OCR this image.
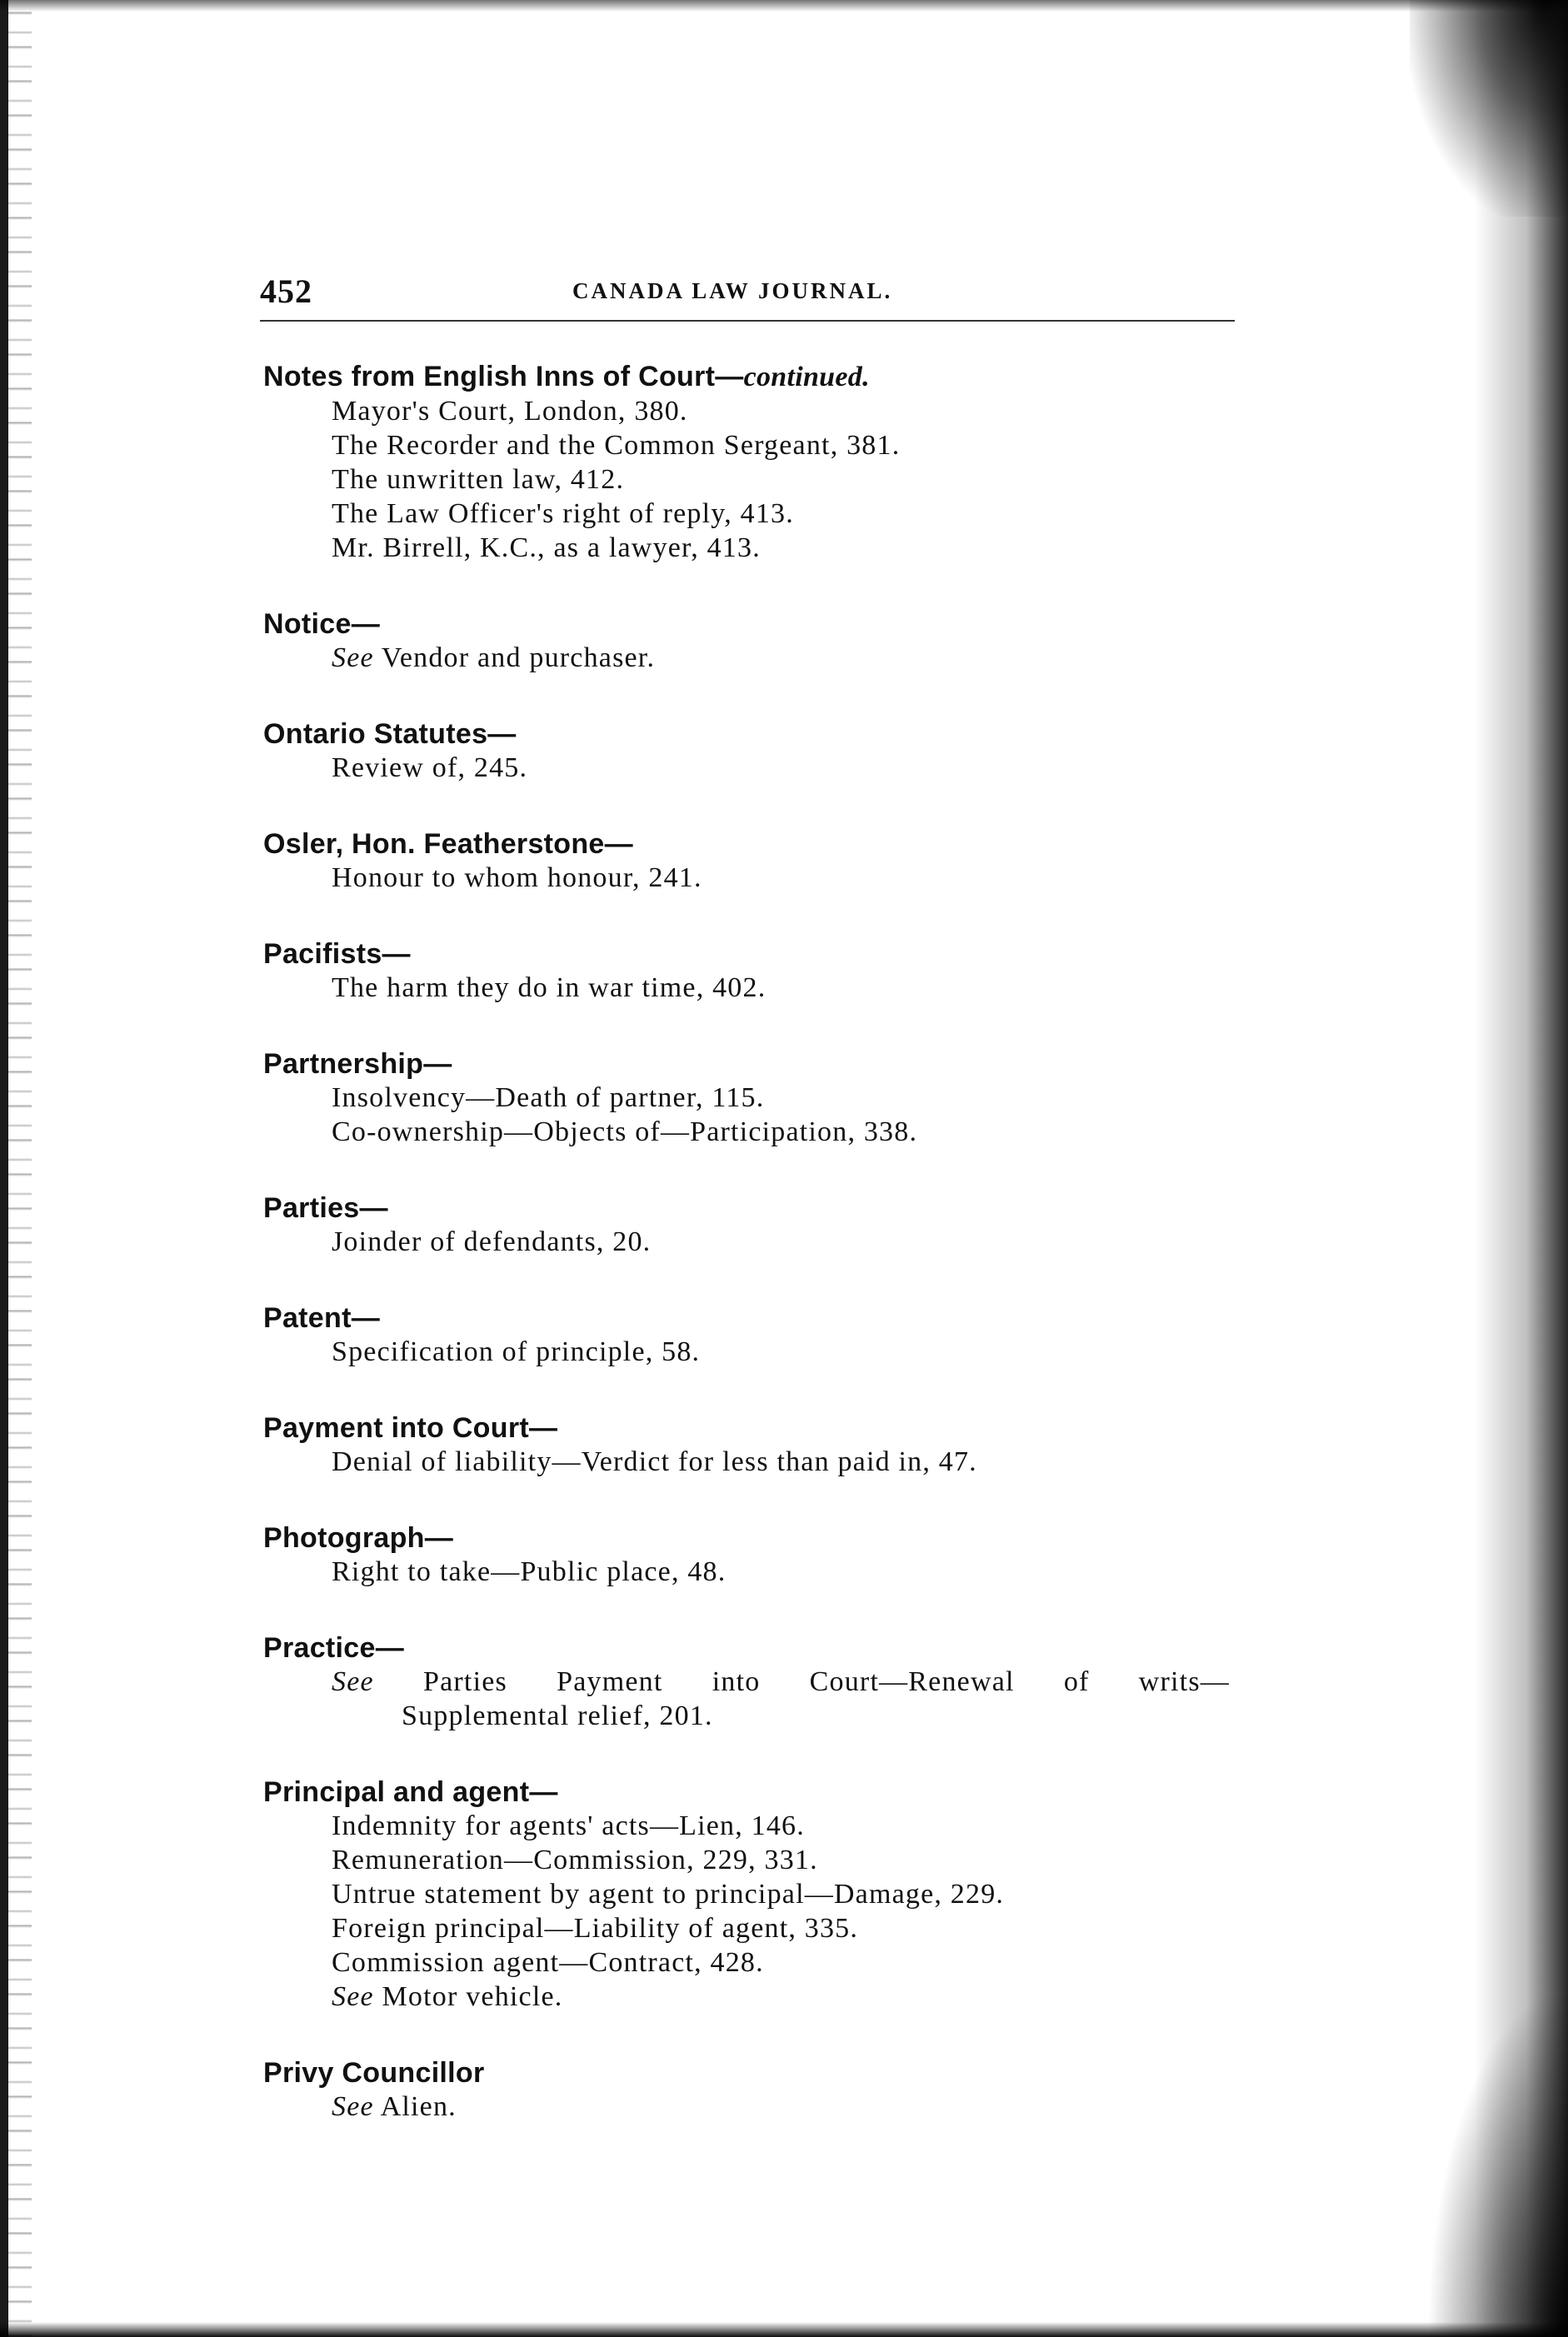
452	CANADA LAW JOURNAL.
Notes from English Inns of Court—continued.
Mayor's Court, London, 380.
The Recorder and the Common Sergeant, 381.
The unwritten law, 412.
The Law Officer's right of reply, 413.
Mr. Birrell, K.C., as a lawyer, 413.
Notice—
See Vendor and purchaser.
Ontario Statutes—
Review of, 245.
Osler, Hon. Featherstone—
Honour to whom honour, 241.
Pacifists—
The harm they do in war time, 402.
Partnership—
Insolvency—Death of partner, 115.
Co-ownership—Objects of—Participation, 338.
Parties—
Joinder of defendants, 20.
Patent—
Specification of principle, 58.
Payment into Court—
Denial of liability—Verdict for less than paid in, 47.
Photograph—
Right to take—Public place, 48.
Practice—
See Parties Payment into Court—Renewal of writs—
Supplemental relief, 201.
Principal and agent—
Indemnity for agents' acts—Lien, 146.
Remuneration—Commission, 229, 331.
Untrue statement by agent to principal—Damage, 229.
Foreign principal—Liability of agent, 335.
Commission agent—Contract, 428.
See Motor vehicle.
Privy Councillor
See Alien.
